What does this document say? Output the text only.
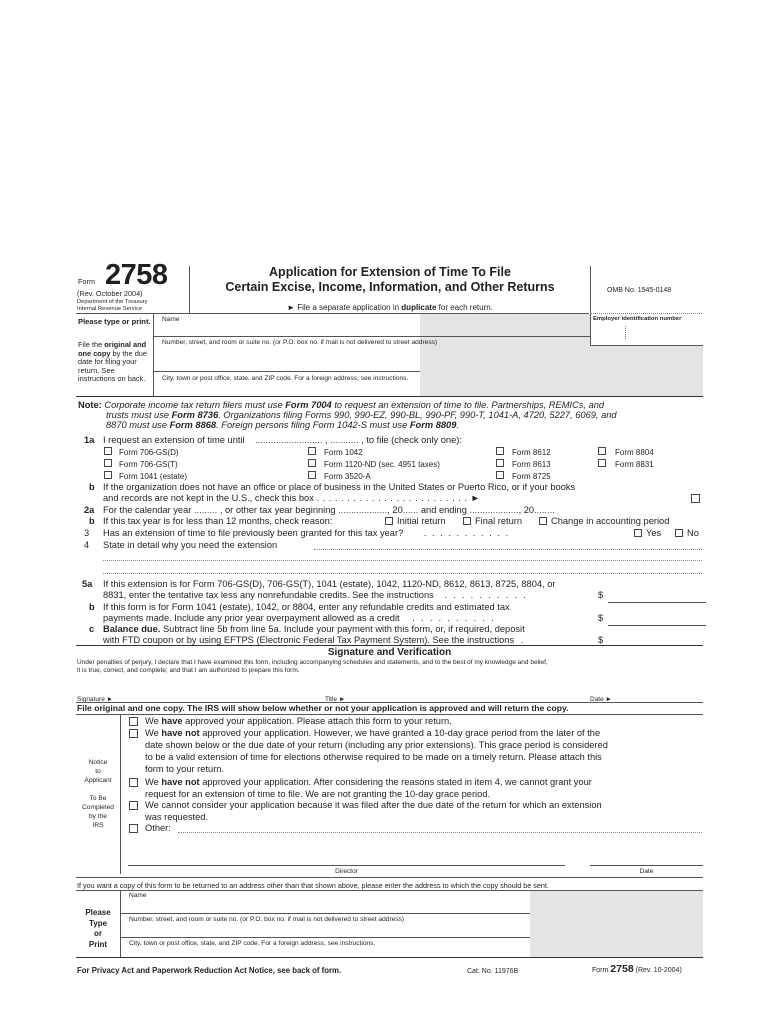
Form 2758
(Rev. October 2004)
Department of the Treasury
Internal Revenue Service
Application for Extension of Time To File
Certain Excise, Income, Information, and Other Returns
► File a separate application in duplicate for each return.
OMB No. 1545-0148
Employer identification number
Please type or print.
File the original and one copy by the due date for filing your return. See instructions on back.
Name
Number, street, and room or suite no. (or P.O. box no. if mail is not delivered to street address)
City, town or post office, state, and ZIP code. For a foreign address, see instructions.
Note: Corporate income tax return filers must use Form 7004 to request an extension of time to file. Partnerships, REMICs, and
trusts must use Form 8736. Organizations filing Forms 990, 990-EZ, 990-BL, 990-PF, 990-T, 1041-A, 4720, 5227, 6069, and
8870 must use Form 8868. Foreign persons filing Form 1042-S must use Form 8809.
1a I request an extension of time until .......................... , ........... , to file (check only one):
Form 706-GS(D)	Form 1042	Form 8612	Form 8804
Form 706-GS(T)	Form 1120-ND (sec. 4951 taxes)	Form 8613	Form 8831
Form 1041 (estate)	Form 3520-A	Form 8725
b If the organization does not have an office or place of business in the United States or Puerto Rico, or if your books
and records are not kept in the U.S., check this box . . . . . . . . . . . . . . . . . . . . . . . . . ►
2a For the calendar year ......... , or other tax year beginning ..................., 20...... and ending ..................., 20........
b If this tax year is for less than 12 months, check reason:	Initial return	Final return	Change in accounting period
3 Has an extension of time to file previously been granted for this tax year? . . . . . . . . . . .	Yes	No
4 State in detail why you need the extension
5a If this extension is for Form 706-GS(D), 706-GS(T), 1041 (estate), 1042, 1120-ND, 8612, 8613, 8725, 8804, or
8831, enter the tentative tax less any nonrefundable credits. See the instructions . . . . . . . . . .	$
b If this form is for Form 1041 (estate), 1042, or 8804, enter any refundable credits and estimated tax
payments made. Include any prior year overpayment allowed as a credit . . . . . . . . . .	$
c Balance due. Subtract line 5b from line 5a. Include your payment with this form, or, if required, deposit
with FTD coupon or by using EFTPS (Electronic Federal Tax Payment System). See the instructions .	$
Signature and Verification
Under penalties of perjury, I declare that I have examined this form, including accompanying schedules and statements, and to the best of my knowledge and belief,
it is true, correct, and complete; and that I am authorized to prepare this form.
Signature ►	Title ►	Date ►
File original and one copy. The IRS will show below whether or not your application is approved and will return the copy.
Notice
to
Applicant
To Be
Completed
by the
IRS
We have approved your application. Please attach this form to your return.
We have not approved your application. However, we have granted a 10-day grace period from the later of the
date shown below or the due date of your return (including any prior extensions). This grace period is considered
to be a valid extension of time for elections otherwise required to be made on a timely return. Please attach this
form to your return.
We have not approved your application. After considering the reasons stated in item 4, we cannot grant your
request for an extension of time to file. We are not granting the 10-day grace period.
We cannot consider your application because it was filed after the due date of the return for which an extension
was requested.
Other:
Director	Date
If you want a copy of this form to be returned to an address other than that shown above, please enter the address to which the copy should be sent.
Please
Type
or
Print
Name
Number, street, and room or suite no. (or P.O. box no. if mail is not delivered to street address)
City, town or post office, state, and ZIP code. For a foreign address, see instructions.
For Privacy Act and Paperwork Reduction Act Notice, see back of form.	Cat. No. 11976B	Form 2758 (Rev. 10-2004)
